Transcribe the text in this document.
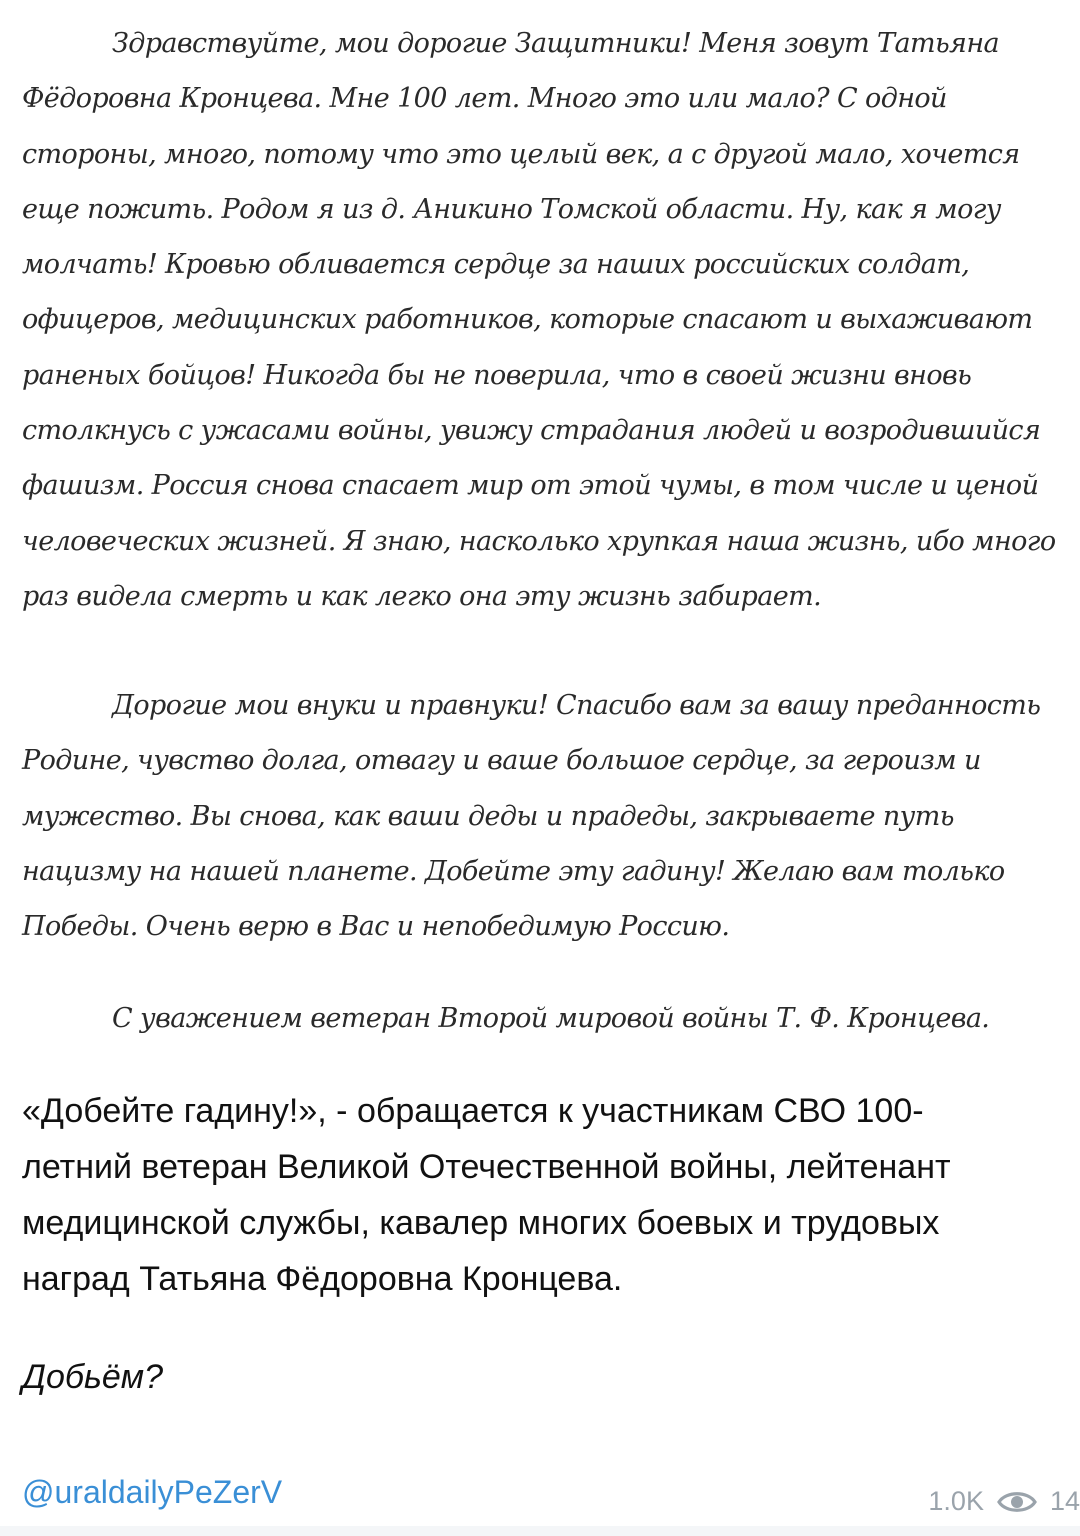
Здравствуйте, мои дорогие Защитники! Меня зовут Татьяна
Фёдоровна Кронцева. Мне 100 лет. Много это или мало? С одной
стороны, много, потому что это целый век, а с другой мало, хочется
еще пожить. Родом я из д. Аникино Томской области. Ну, как я могу
молчать! Кровью обливается сердце за наших российских солдат,
офицеров, медицинских работников, которые спасают и выхаживают
раненых бойцов! Никогда бы не поверила, что в своей жизни вновь
столкнусь с ужасами войны, увижу страдания людей и возродившийся
фашизм. Россия снова спасает мир от этой чумы, в том числе и ценой
человеческих жизней. Я знаю, насколько хрупкая наша жизнь, ибо много
раз видела смерть и как легко она эту жизнь забирает.
Дорогие мои внуки и правнуки! Спасибо вам за вашу преданность
Родине, чувство долга, отвагу и ваше большое сердце, за героизм и
мужество. Вы снова, как ваши деды и прадеды, закрываете путь
нацизму на нашей планете. Добейте эту гадину! Желаю вам только
Победы. Очень верю в Вас и непобедимую Россию.
С уважением ветеран Второй мировой войны Т. Ф. Кронцева.
«Добейте гадину!», - обращается к участникам СВО 100-
летний ветеран Великой Отечественной войны, лейтенант
медицинской службы, кавалер многих боевых и трудовых
наград Татьяна Фёдоровна Кронцева.
Добьём?
@uraldailyPeZerV	1.0K 14
